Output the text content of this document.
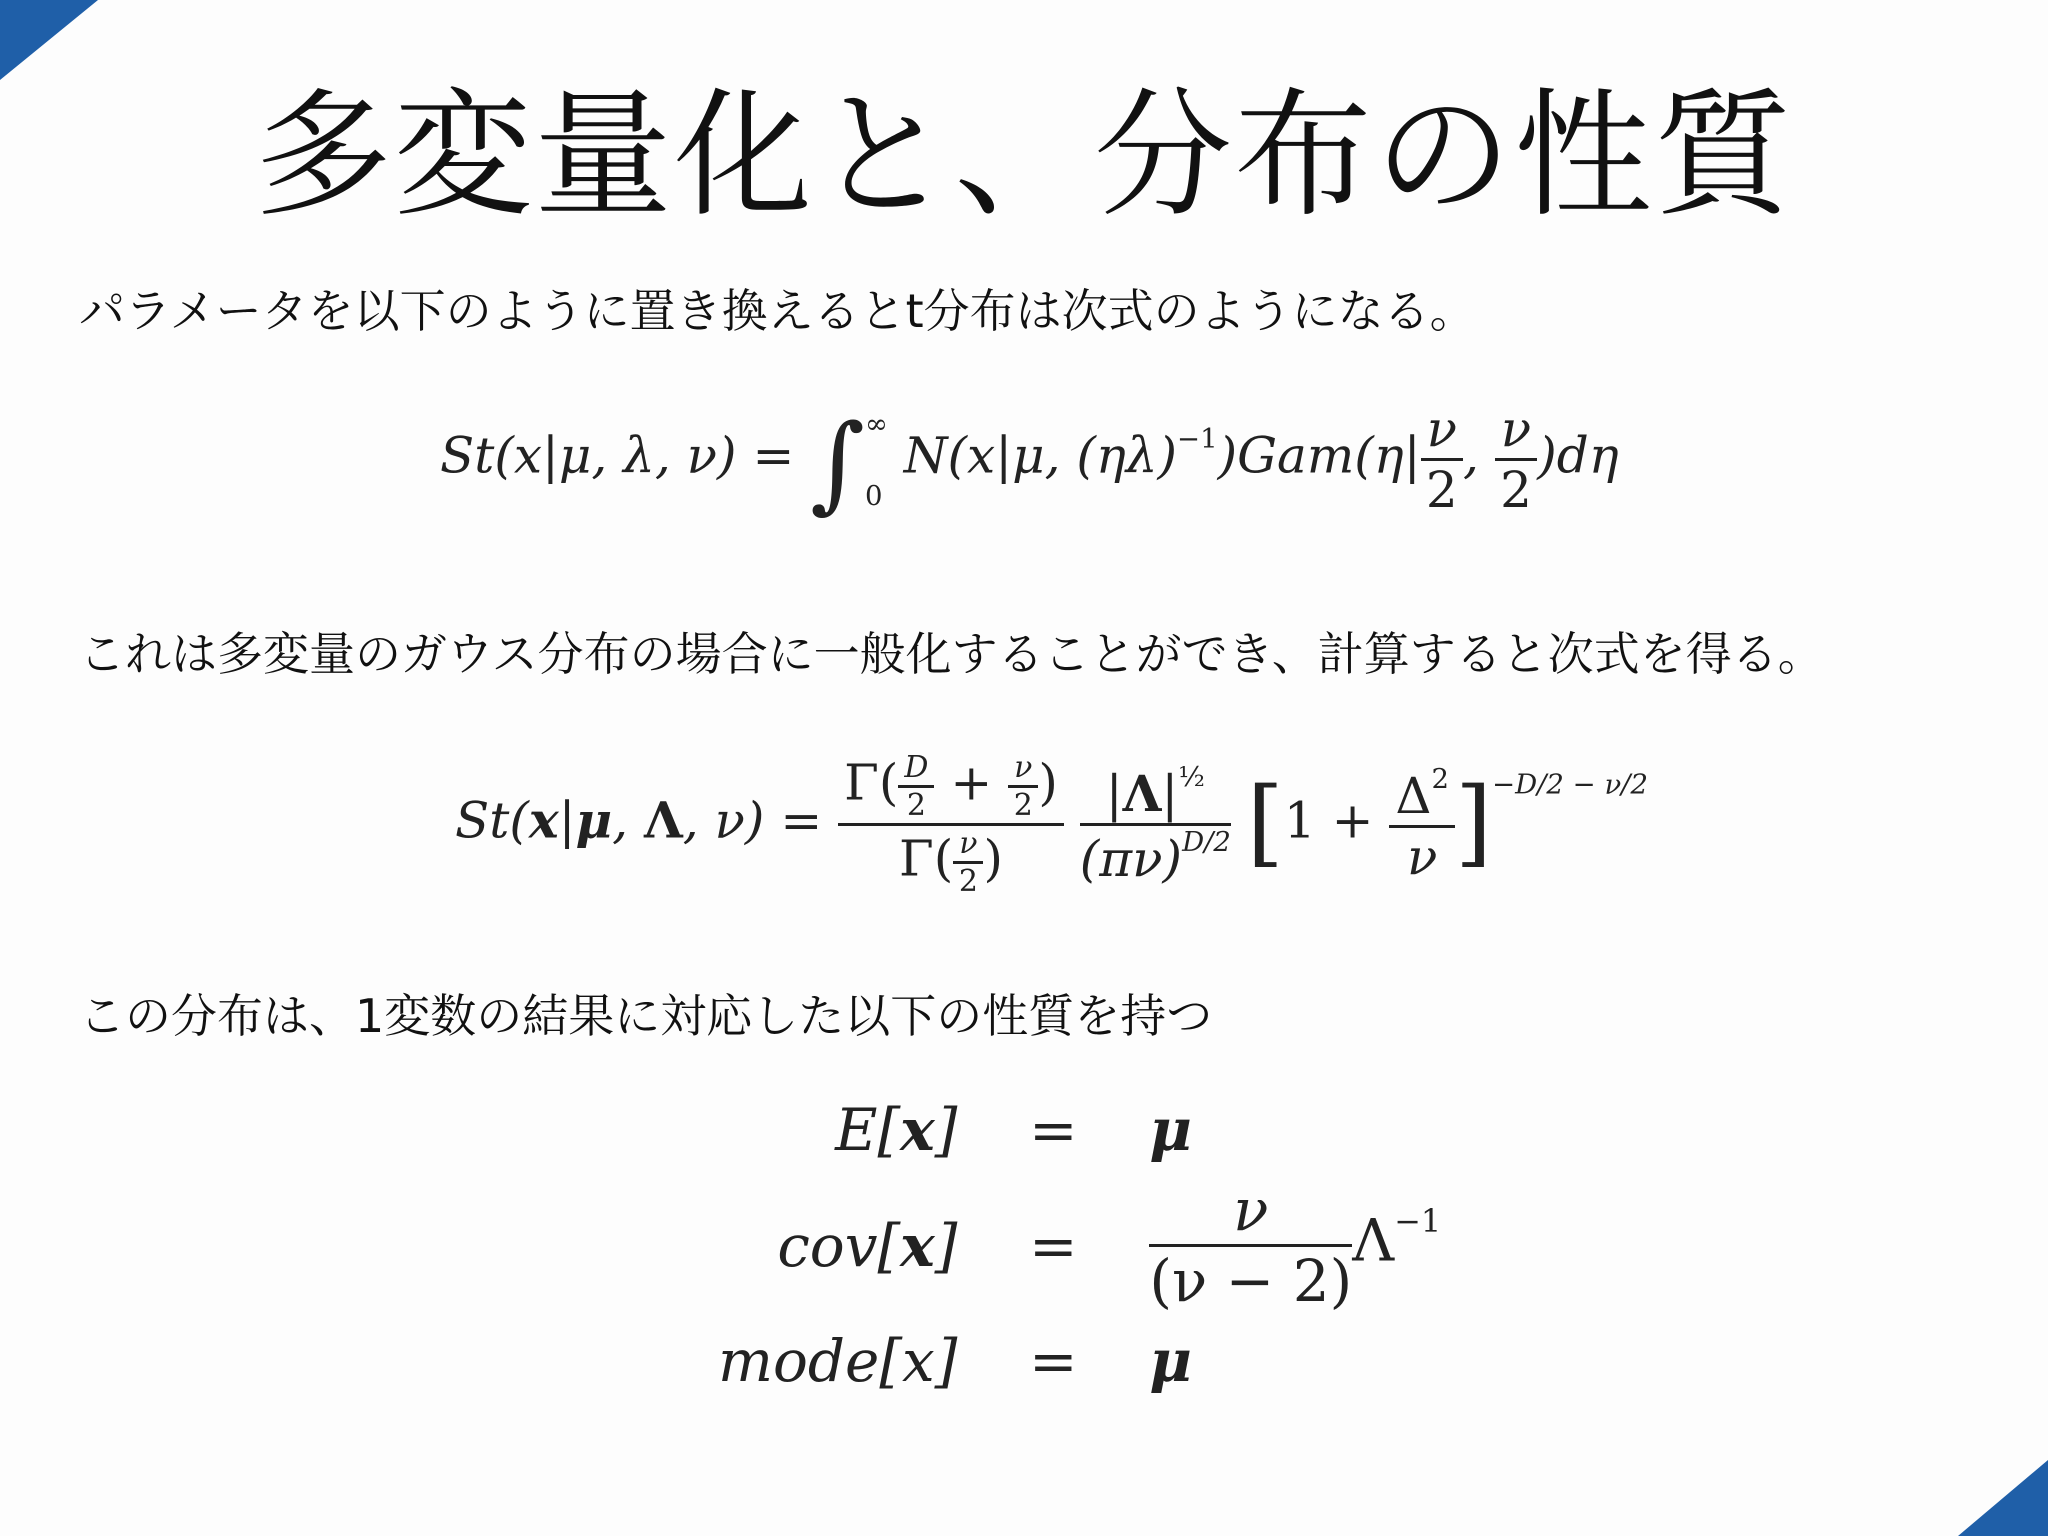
多変量化と、分布の性質
パラメータを以下のように置き換えるとt分布は次式のようになる。
St(x|μ, λ, ν) = ∫ ∞
0
N(x|μ, $(\eta\lambda)^{-1})Gam(\eta| \frac{\nu}{2}$ , $\frac{\nu}{2} )d\eta$
これは多変量のガウス分布の場合に一般化することができ、計算すると次式を得る。
St(x|μ, Λ, $\nu) = \frac{\Gamma( \frac{D}{2} + \frac{\nu}{2} )}{\Gamma( \frac{\nu}{2} )}$
$\frac{|\Lambda|^{\frac{1}{2}}}{(\pi\nu)^{D/2}} [1 + \frac{\Delta^2}{\nu} ]^{-D/2 - \nu/2}$
この分布は、1変数の結果に対応した以下の性質を持つ
E[x]	=	μ
cov[x]	=	$\frac{\nu}{(\nu - 2)} \Lambda^{-1}$
mode[x]	=	μ
